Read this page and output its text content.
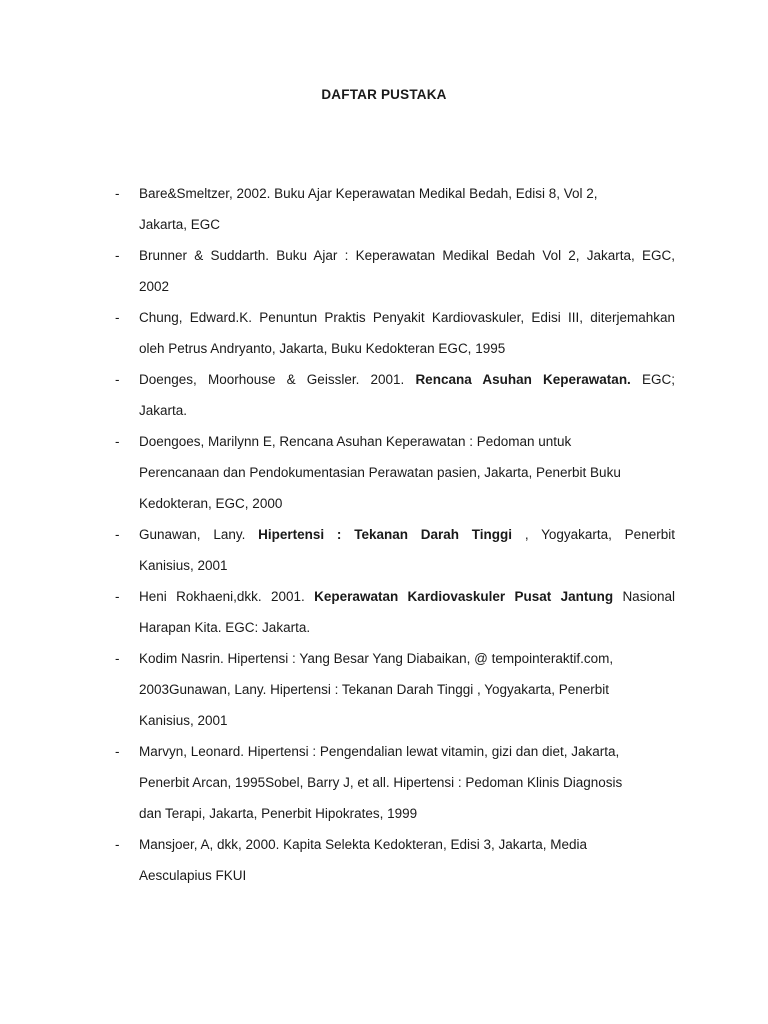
DAFTAR PUSTAKA
- Bare&Smeltzer, 2002. Buku Ajar Keperawatan Medikal Bedah, Edisi 8, Vol 2,
Jakarta, EGC
- Brunner & Suddarth. Buku Ajar : Keperawatan Medikal Bedah Vol 2, Jakarta, EGC,
2002
- Chung, Edward.K. Penuntun Praktis Penyakit Kardiovaskuler, Edisi III, diterjemahkan
oleh Petrus Andryanto, Jakarta, Buku Kedokteran EGC, 1995
- Doenges, Moorhouse & Geissler. 2001. Rencana Asuhan Keperawatan. EGC;
Jakarta.
- Doengoes, Marilynn E, Rencana Asuhan Keperawatan : Pedoman untuk
Perencanaan dan Pendokumentasian Perawatan pasien, Jakarta, Penerbit Buku
Kedokteran, EGC, 2000
- Gunawan, Lany. Hipertensi : Tekanan Darah Tinggi , Yogyakarta, Penerbit
Kanisius, 2001
- Heni Rokhaeni,dkk. 2001. Keperawatan Kardiovaskuler Pusat Jantung Nasional
Harapan Kita. EGC: Jakarta.
- Kodim Nasrin. Hipertensi : Yang Besar Yang Diabaikan, @ tempointeraktif.com,
2003Gunawan, Lany. Hipertensi : Tekanan Darah Tinggi , Yogyakarta, Penerbit
Kanisius, 2001
- Marvyn, Leonard. Hipertensi : Pengendalian lewat vitamin, gizi dan diet, Jakarta,
Penerbit Arcan, 1995Sobel, Barry J, et all. Hipertensi : Pedoman Klinis Diagnosis
dan Terapi, Jakarta, Penerbit Hipokrates, 1999
- Mansjoer, A, dkk, 2000. Kapita Selekta Kedokteran, Edisi 3, Jakarta, Media
Aesculapius FKUI
